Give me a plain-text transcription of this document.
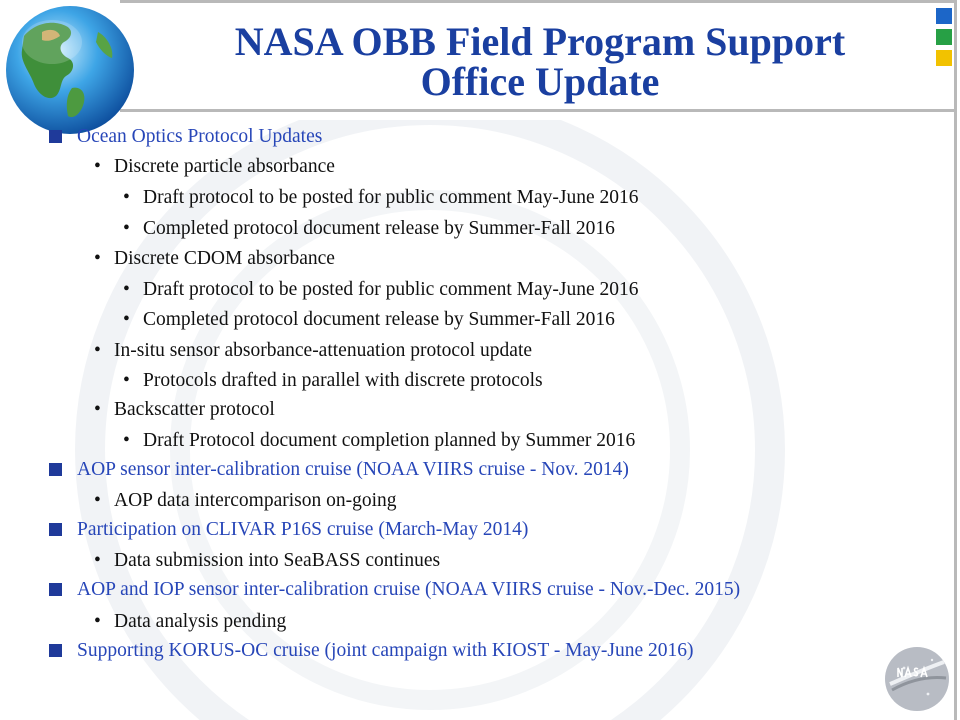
NASA OBB Field Program Support
Office Update
Ocean Optics Protocol Updates
• Discrete particle absorbance
• Draft protocol to be posted for public comment May-June 2016
• Completed protocol document release by Summer-Fall 2016
• Discrete CDOM absorbance
• Draft protocol to be posted for public comment May-June 2016
• Completed protocol document release by Summer-Fall 2016
• In-situ sensor absorbance-attenuation protocol update
• Protocols drafted in parallel with discrete protocols
• Backscatter protocol
• Draft Protocol document completion planned by Summer 2016
AOP sensor inter-calibration cruise (NOAA VIIRS cruise - Nov. 2014)
• AOP data intercomparison on-going
Participation on CLIVAR P16S cruise (March-May 2014)
• Data submission into SeaBASS continues
AOP and IOP sensor inter-calibration cruise (NOAA VIIRS cruise - Nov.-Dec. 2015)
• Data analysis pending
Supporting KORUS-OC cruise (joint campaign with KIOST - May-June 2016)
